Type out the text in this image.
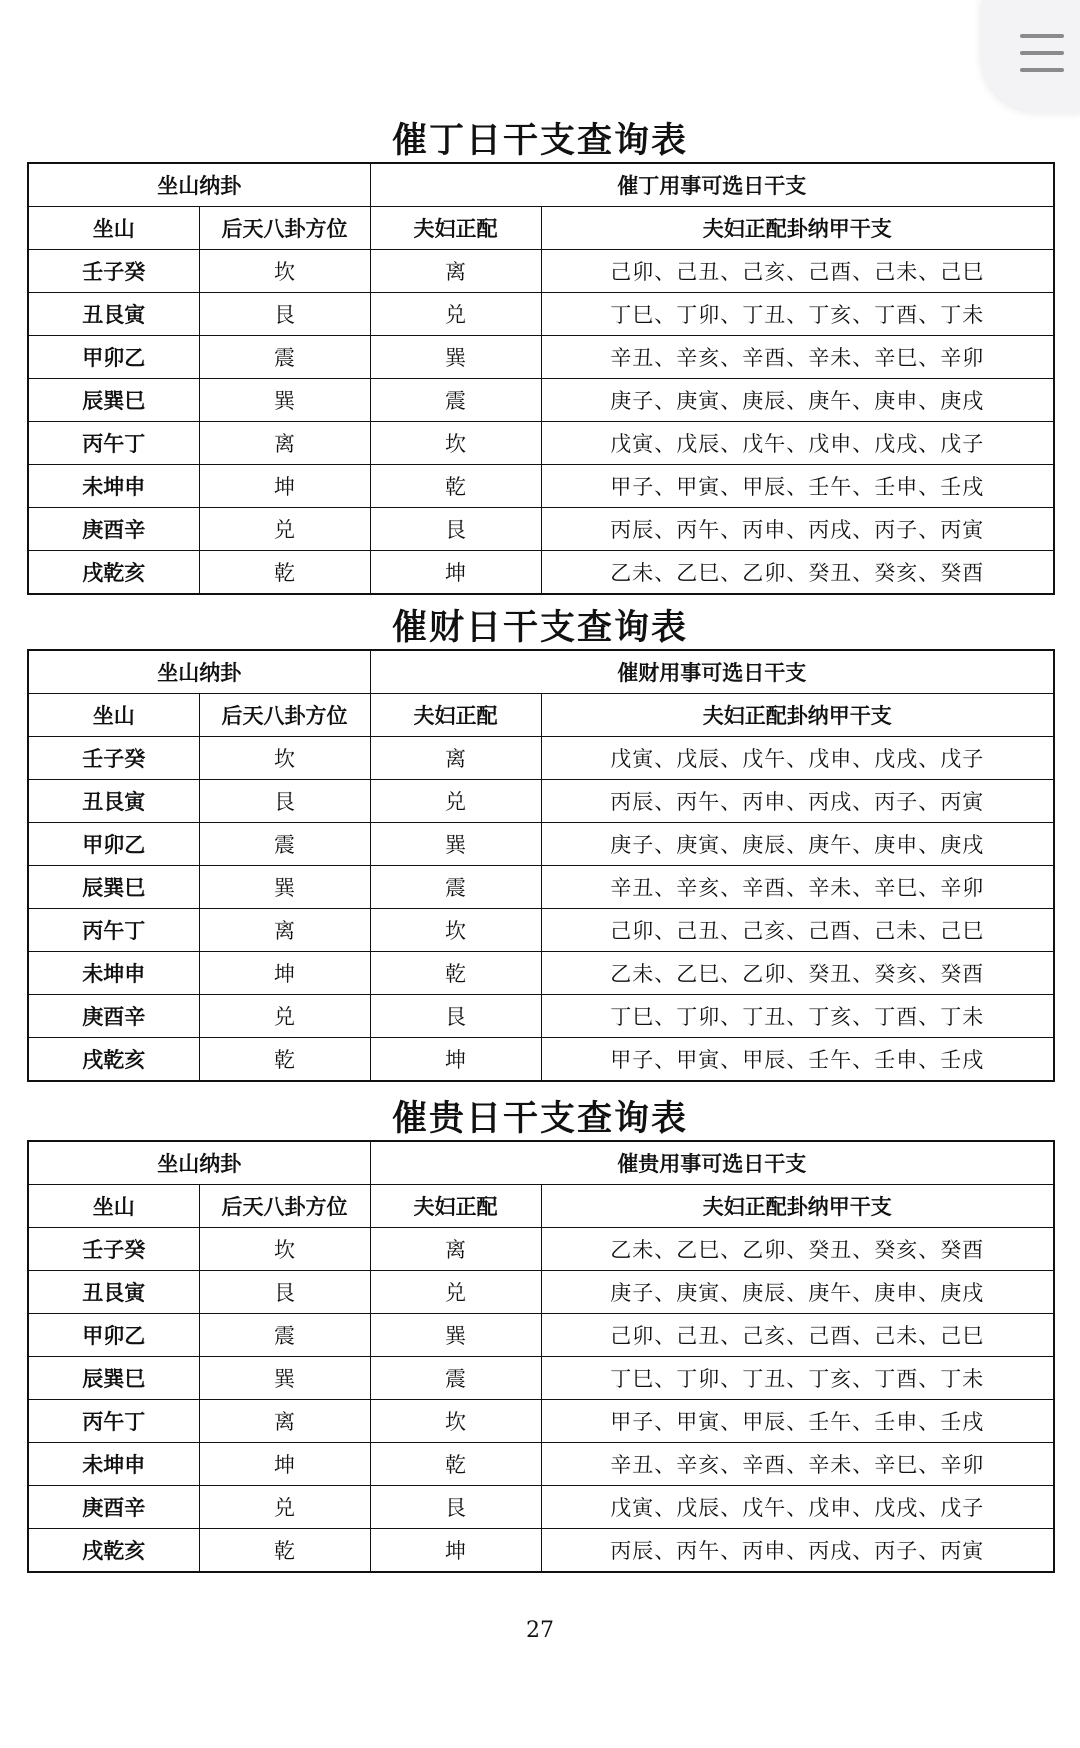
催丁日干支查询表
坐山纳卦		催丁用事可选日干支	
坐山	后天八卦方位	夫妇正配	夫妇正配卦纳甲干支
壬子癸	坎	离	己卯、己丑、己亥、己酉、己未、己巳
丑艮寅	艮	兑	丁巳、丁卯、丁丑、丁亥、丁酉、丁未
甲卯乙	震	巽	辛丑、辛亥、辛酉、辛未、辛巳、辛卯
辰巽巳	巽	震	庚子、庚寅、庚辰、庚午、庚申、庚戌
丙午丁	离	坎	戊寅、戊辰、戊午、戊申、戊戌、戊子
未坤申	坤	乾	甲子、甲寅、甲辰、壬午、壬申、壬戌
庚酉辛	兑	艮	丙辰、丙午、丙申、丙戌、丙子、丙寅
戌乾亥	乾	坤	乙未、乙巳、乙卯、癸丑、癸亥、癸酉
催财日干支查询表
坐山纳卦		催财用事可选日干支	
坐山	后天八卦方位	夫妇正配	夫妇正配卦纳甲干支
壬子癸	坎	离	戊寅、戊辰、戊午、戊申、戊戌、戊子
丑艮寅	艮	兑	丙辰、丙午、丙申、丙戌、丙子、丙寅
甲卯乙	震	巽	庚子、庚寅、庚辰、庚午、庚申、庚戌
辰巽巳	巽	震	辛丑、辛亥、辛酉、辛未、辛巳、辛卯
丙午丁	离	坎	己卯、己丑、己亥、己酉、己未、己巳
未坤申	坤	乾	乙未、乙巳、乙卯、癸丑、癸亥、癸酉
庚酉辛	兑	艮	丁巳、丁卯、丁丑、丁亥、丁酉、丁未
戌乾亥	乾	坤	甲子、甲寅、甲辰、壬午、壬申、壬戌
催贵日干支查询表
坐山纳卦		催贵用事可选日干支	
坐山	后天八卦方位	夫妇正配	夫妇正配卦纳甲干支
壬子癸	坎	离	乙未、乙巳、乙卯、癸丑、癸亥、癸酉
丑艮寅	艮	兑	庚子、庚寅、庚辰、庚午、庚申、庚戌
甲卯乙	震	巽	己卯、己丑、己亥、己酉、己未、己巳
辰巽巳	巽	震	丁巳、丁卯、丁丑、丁亥、丁酉、丁未
丙午丁	离	坎	甲子、甲寅、甲辰、壬午、壬申、壬戌
未坤申	坤	乾	辛丑、辛亥、辛酉、辛未、辛巳、辛卯
庚酉辛	兑	艮	戊寅、戊辰、戊午、戊申、戊戌、戊子
戌乾亥	乾	坤	丙辰、丙午、丙申、丙戌、丙子、丙寅
27
